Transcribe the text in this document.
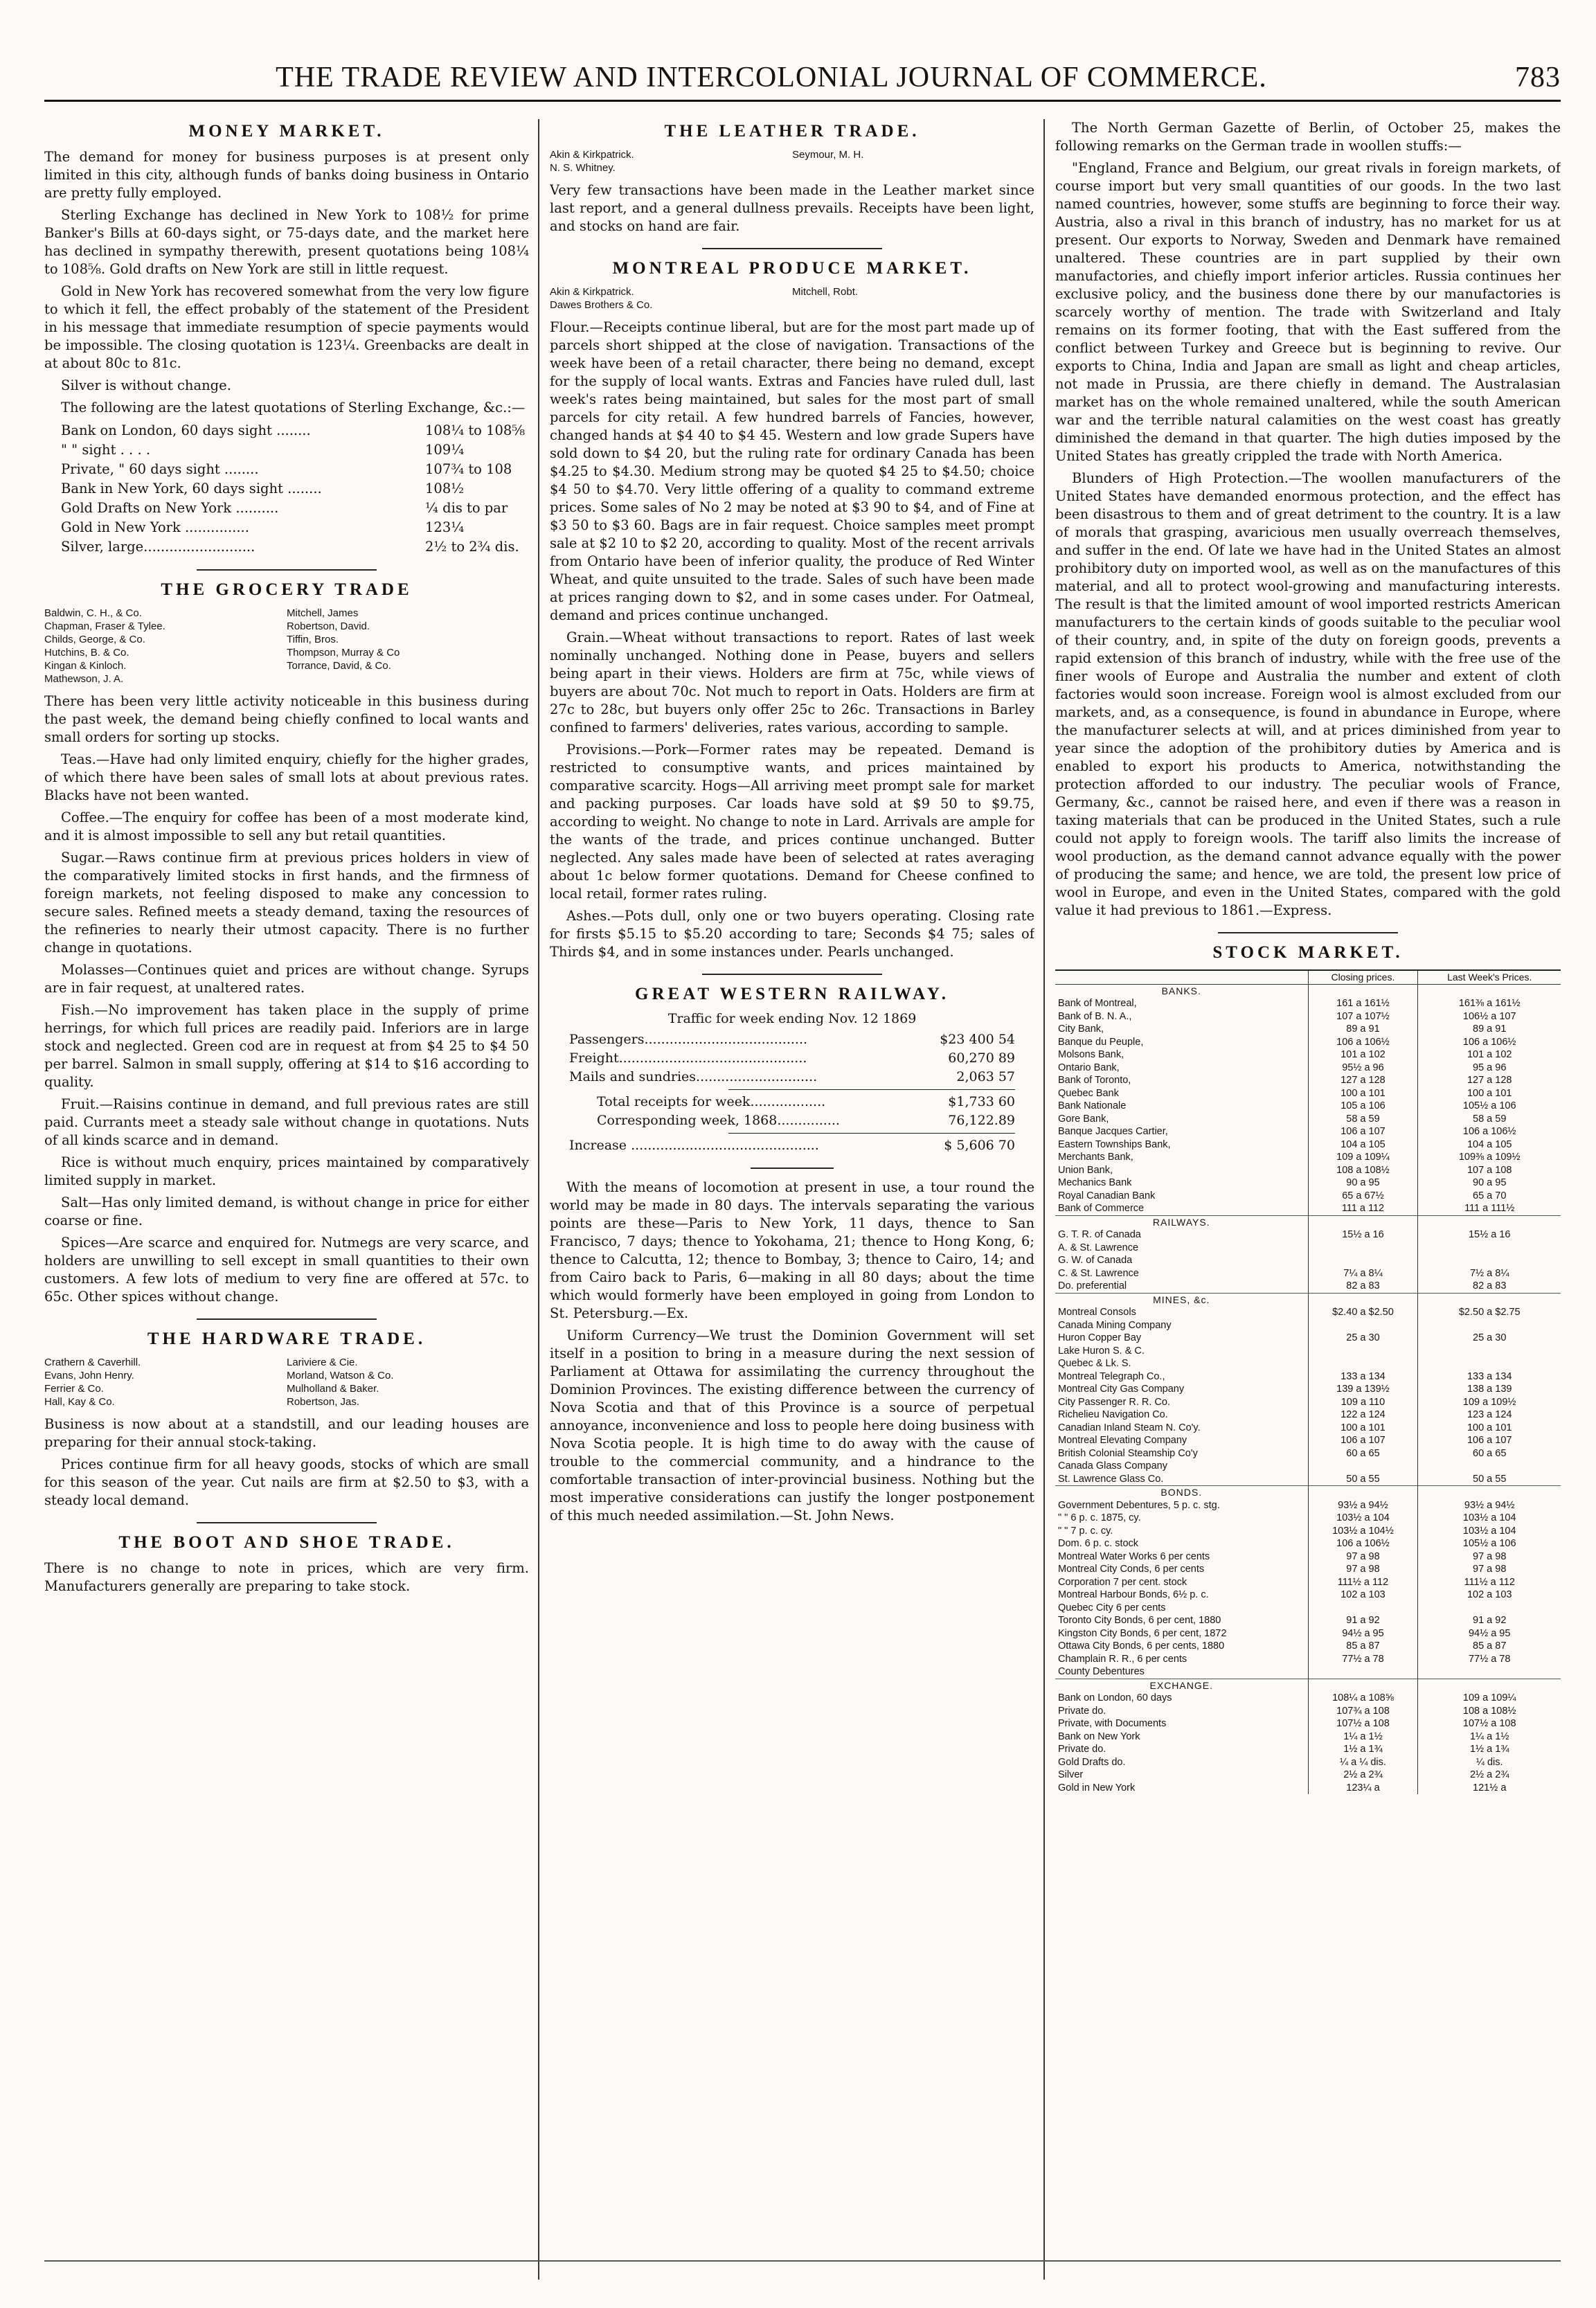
THE TRADE REVIEW AND INTERCOLONIAL JOURNAL OF COMMERCE.	783
MONEY MARKET.

The demand for money for business purposes is at present only limited in this city, although funds of banks doing business in Ontario are pretty fully employed.

Sterling Exchange has declined in New York to 108½ for prime Banker's Bills at 60-days sight, or 75-days date, and the market here has declined in sympathy therewith, present quotations being 108¼ to 108⅝. Gold drafts on New York are still in little request.

Gold in New York has recovered somewhat from the very low figure to which it fell, the effect probably of the statement of the President in his message that immediate resumption of specie payments would be impossible. The closing quotation is 123¼. Greenbacks are dealt in at about 80c to 81c.

Silver is without change.

The following are the latest quotations of Sterling Exchange, &c.:—

Bank on London, 60 days sight ........	108¼ to 108⅝
" " sight . . . .	109¼
Private, " 60 days sight ........	107¾ to 108
Bank in New York, 60 days sight ........	108½
Gold Drafts on New York ..........	¼ dis to par
Gold in New York ...............	123¼
Silver, large..........................	2½ to 2¾ dis.
THE GROCERY TRADE
Baldwin, C. H., & Co.	Mitchell, James
Chapman, Fraser & Tylee.	Robertson, David.
Childs, George, & Co.	Tiffin, Bros.
Hutchins, B. & Co.	Thompson, Murray & Co
Kingan & Kinloch.	Torrance, David, & Co.
Mathewson, J. A.

There has been very little activity noticeable in this business during the past week, the demand being chiefly confined to local wants and small orders for sorting up stocks.

Teas.—Have had only limited enquiry, chiefly for the higher grades, of which there have been sales of small lots at about previous rates. Blacks have not been wanted.

Coffee.—The enquiry for coffee has been of a most moderate kind, and it is almost impossible to sell any but retail quantities.

Sugar.—Raws continue firm at previous prices holders in view of the comparatively limited stocks in first hands, and the firmness of foreign markets, not feeling disposed to make any concession to secure sales. Refined meets a steady demand, taxing the resources of the refineries to nearly their utmost capacity. There is no further change in quotations.

Molasses—Continues quiet and prices are without change. Syrups are in fair request, at unaltered rates.

Fish.—No improvement has taken place in the supply of prime herrings, for which full prices are readily paid. Inferiors are in large stock and neglected. Green cod are in request at from $4 25 to $4 50 per barrel. Salmon in small supply, offering at $14 to $16 according to quality.

Fruit.—Raisins continue in demand, and full previous rates are still paid. Currants meet a steady sale without change in quotations. Nuts of all kinds scarce and in demand.

Rice is without much enquiry, prices maintained by comparatively limited supply in market.

Salt—Has only limited demand, is without change in price for either coarse or fine.

Spices—Are scarce and enquired for. Nutmegs are very scarce, and holders are unwilling to sell except in small quantities to their own customers. A few lots of medium to very fine are offered at 57c. to 65c. Other spices without change.

THE HARDWARE TRADE.
Crathern & Caverhill.	Lariviere & Cie.
Evans, John Henry.	Morland, Watson & Co.
Ferrier & Co.	Mulholland & Baker.
Hall, Kay & Co.	Robertson, Jas.

Business is now about at a standstill, and our leading houses are preparing for their annual stock-taking.

Prices continue firm for all heavy goods, stocks of which are small for this season of the year. Cut nails are firm at $2.50 to $3, with a steady local demand.

THE BOOT AND SHOE TRADE.

There is no change to note in prices, which are very firm. Manufacturers generally are preparing to take stock.

THE LEATHER TRADE.
Akin & Kirkpatrick.	Seymour, M. H.
N. S. Whitney.

Very few transactions have been made in the Leather market since last report, and a general dullness prevails. Receipts have been light, and stocks on hand are fair.

MONTREAL PRODUCE MARKET.
Akin & Kirkpatrick.	Mitchell, Robt.
Dawes Brothers & Co.

Flour.—Receipts continue liberal, but are for the most part made up of parcels short shipped at the close of navigation. Transactions of the week have been of a retail character, there being no demand, except for the supply of local wants. Extras and Fancies have ruled dull, last week's rates being maintained, but sales for the most part of small parcels for city retail. A few hundred barrels of Fancies, however, changed hands at $4 40 to $4 45. Western and low grade Supers have sold down to $4 20, but the ruling rate for ordinary Canada has been $4.25 to $4.30. Medium strong may be quoted $4 25 to $4.50; choice $4 50 to $4.70. Very little offering of a quality to command extreme prices. Some sales of No 2 may be noted at $3 90 to $4, and of Fine at $3 50 to $3 60. Bags are in fair request. Choice samples meet prompt sale at $2 10 to $2 20, according to quality. Most of the recent arrivals from Ontario have been of inferior quality, the produce of Red Winter Wheat, and quite unsuited to the trade. Sales of such have been made at prices ranging down to $2, and in some cases under. For Oatmeal, demand and prices continue unchanged.

Grain.—Wheat without transactions to report. Rates of last week nominally unchanged. Nothing done in Pease, buyers and sellers being apart in their views. Holders are firm at 75c, while views of buyers are about 70c. Not much to report in Oats. Holders are firm at 27c to 28c, but buyers only offer 25c to 26c. Transactions in Barley confined to farmers' deliveries, rates various, according to sample.

Provisions.—Pork—Former rates may be repeated. Demand is restricted to consumptive wants, and prices maintained by comparative scarcity. Hogs—All arriving meet prompt sale for market and packing purposes. Car loads have sold at $9 50 to $9.75, according to weight. No change to note in Lard. Arrivals are ample for the wants of the trade, and prices continue unchanged. Butter neglected. Any sales made have been of selected at rates averaging about 1c below former quotations. Demand for Cheese confined to local retail, former rates ruling.

Ashes.—Pots dull, only one or two buyers operating. Closing rate for firsts $5.15 to $5.20 according to tare; Seconds $4 75; sales of Thirds $4, and in some instances under. Pearls unchanged.

GREAT WESTERN RAILWAY.
Traffic for week ending Nov. 12 1869
Passengers.......................................	$23 400 54
Freight.............................................	60,270 89
Mails and sundries.............................	2,063 57
Total receipts for week..................	$1,733 60
Corresponding week, 1868...............	76,122.89
Increase .............................................	$ 5,606 70

With the means of locomotion at present in use, a tour round the world may be made in 80 days. The intervals separating the various points are these—Paris to New York, 11 days, thence to San Francisco, 7 days; thence to Yokohama, 21; thence to Hong Kong, 6; thence to Calcutta, 12; thence to Bombay, 3; thence to Cairo, 14; and from Cairo back to Paris, 6—making in all 80 days; about the time which would formerly have been employed in going from London to St. Petersburg.—Ex.

Uniform Currency—We trust the Dominion Government will set itself in a position to bring in a measure during the next session of Parliament at Ottawa for assimilating the currency throughout the Dominion Provinces. The existing difference between the currency of Nova Scotia and that of this Province is a source of perpetual annoyance, inconvenience and loss to people here doing business with Nova Scotia people. It is high time to do away with the cause of trouble to the commercial community, and a hindrance to the comfortable transaction of inter-provincial business. Nothing but the most imperative considerations can justify the longer postponement of this much needed assimilation.—St. John News.

The North German Gazette of Berlin, of October 25, makes the following remarks on the German trade in woollen stuffs:—

"England, France and Belgium, our great rivals in foreign markets, of course import but very small quantities of our goods. In the two last named countries, however, some stuffs are beginning to force their way. Austria, also a rival in this branch of industry, has no market for us at present. Our exports to Norway, Sweden and Denmark have remained unaltered. These countries are in part supplied by their own manufactories, and chiefly import inferior articles. Russia continues her exclusive policy, and the business done there by our manufactories is scarcely worthy of mention. The trade with Switzerland and Italy remains on its former footing, that with the East suffered from the conflict between Turkey and Greece but is beginning to revive. Our exports to China, India and Japan are small as light and cheap articles, not made in Prussia, are there chiefly in demand. The Australasian market has on the whole remained unaltered, while the south American war and the terrible natural calamities on the west coast has greatly diminished the demand in that quarter. The high duties imposed by the United States has greatly crippled the trade with North America.

Blunders of High Protection.—The woollen manufacturers of the United States have demanded enormous protection, and the effect has been disastrous to them and of great detriment to the country. It is a law of morals that grasping, avaricious men usually overreach themselves, and suffer in the end. Of late we have had in the United States an almost prohibitory duty on imported wool, as well as on the manufactures of this material, and all to protect wool-growing and manufacturing interests. The result is that the limited amount of wool imported restricts American manufacturers to the certain kinds of goods suitable to the peculiar wool of their country, and, in spite of the duty on foreign goods, prevents a rapid extension of this branch of industry, while with the free use of the finer wools of Europe and Australia the number and extent of cloth factories would soon increase. Foreign wool is almost excluded from our markets, and, as a consequence, is found in abundance in Europe, where the manufacturer selects at will, and at prices diminished from year to year since the adoption of the prohibitory duties by America and is enabled to export his products to America, notwithstanding the protection afforded to our industry. The peculiar wools of France, Germany, &c., cannot be raised here, and even if there was a reason in taxing materials that can be produced in the United States, such a rule could not apply to foreign wools. The tariff also limits the increase of wool production, as the demand cannot advance equally with the power of producing the same; and hence, we are told, the present low price of wool in Europe, and even in the United States, compared with the gold value it had previous to 1861.—Express.

STOCK MARKET.
	Closing prices.	Last Week's Prices.
BANKS.		
Bank of Montreal,	161 a 161½	161⅜ a 161½
Bank of B. N. A.,	107 a 107½	106½ a 107
City Bank,	89 a 91	89 a 91
Banque du Peuple,	106 a 106½	106 a 106½
Molsons Bank,	101 a 102	101 a 102
Ontario Bank,	95½ a 96	95 a 96
Bank of Toronto,	127 a 128	127 a 128
Quebec Bank	100 a 101	100 a 101
Bank Nationale	105 a 106	105½ a 106
Gore Bank,	58 a 59	58 a 59
Banque Jacques Cartier,	106 a 107	106 a 106½
Eastern Townships Bank,	104 a 105	104 a 105
Merchants Bank,	109 a 109¼	109⅜ a 109½
Union Bank,	108 a 108½	107 a 108
Mechanics Bank	90 a 95	90 a 95
Royal Canadian Bank	65 a 67½	65 a 70
Bank of Commerce	111 a 112	111 a 111½
RAILWAYS.		
G. T. R. of Canada	15½ a 16	15½ a 16
A. & St. Lawrence		
G. W. of Canada		
C. & St. Lawrence	7¼ a 8¼	7½ a 8¼
Do. preferential	82 a 83	82 a 83
MINES, &c.		
Montreal Consols	$2.40 a $2.50	$2.50 a $2.75
Canada Mining Company		
Huron Copper Bay	25 a 30	25 a 30
Lake Huron S. & C.		
Quebec & Lk. S.		
Montreal Telegraph Co.,	133 a 134	133 a 134
Montreal City Gas Company	139 a 139½	138 a 139
City Passenger R. R. Co.	109 a 110	109 a 109½
Richelieu Navigation Co.	122 a 124	123 a 124
Canadian Inland Steam N. Co'y.	100 a 101	100 a 101
Montreal Elevating Company	106 a 107	106 a 107
British Colonial Steamship Co'y	60 a 65	60 a 65
Canada Glass Company		
St. Lawrence Glass Co.	50 a 55	50 a 55
BONDS.		
Government Debentures, 5 p. c. stg.	93½ a 94½	93½ a 94½
" " 6 p. c. 1875, cy.	103½ a 104	103½ a 104
" " 7 p. c. cy.	103½ a 104½	103½ a 104
Dom. 6 p. c. stock	106 a 106½	105½ a 106
Montreal Water Works 6 per cents	97 a 98	97 a 98
Montreal City Conds, 6 per cents	97 a 98	97 a 98
Corporation 7 per cent. stock	111½ a 112	111½ a 112
Montreal Harbour Bonds, 6½ p. c.	102 a 103	102 a 103
Quebec City 6 per cents		
Toronto City Bonds, 6 per cent, 1880	91 a 92	91 a 92
Kingston City Bonds, 6 per cent, 1872	94½ a 95	94½ a 95
Ottawa City Bonds, 6 per cents, 1880	85 a 87	85 a 87
Champlain R. R., 6 per cents	77½ a 78	77½ a 78
County Debentures		
EXCHANGE.		
Bank on London, 60 days	108¼ a 108⅝	109 a 109¼
Private do.	107¾ a 108	108 a 108½
Private, with Documents	107½ a 108	107½ a 108
Bank on New York	1¼ a 1½	1¼ a 1½
Private do.	1½ a 1¾	1½ a 1¾
Gold Drafts do.	¼ a ¼ dis.	¼ dis.
Silver	2½ a 2¾	2½ a 2¾
Gold in New York	123¼ a	121½ a
